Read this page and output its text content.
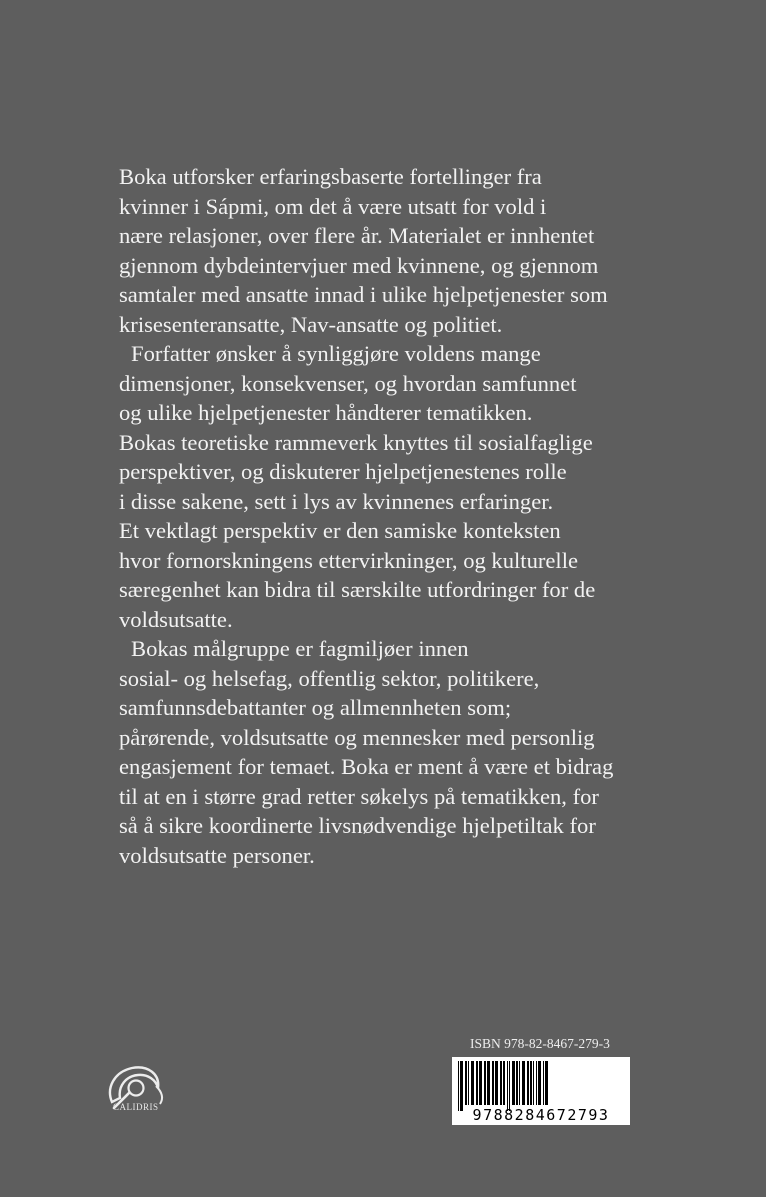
Boka utforsker erfaringsbaserte fortellinger fra
kvinner i Sápmi, om det å være utsatt for vold i
nære relasjoner, over flere år. Materialet er innhentet
gjennom dybdeintervjuer med kvinnene, og gjennom
samtaler med ansatte innad i ulike hjelpetjenester som
krisesenteransatte, Nav-ansatte og politiet.
Forfatter ønsker å synliggjøre voldens mange
dimensjoner, konsekvenser, og hvordan samfunnet
og ulike hjelpetjenester håndterer tematikken.
Bokas teoretiske rammeverk knyttes til sosialfaglige
perspektiver, og diskuterer hjelpetjenestenes rolle
i disse sakene, sett i lys av kvinnenes erfaringer.
Et vektlagt perspektiv er den samiske konteksten
hvor fornorskningens ettervirkninger, og kulturelle
særegenhet kan bidra til særskilte utfordringer for de
voldsutsatte.
Bokas målgruppe er fagmiljøer innen
sosial- og helsefag, offentlig sektor, politikere,
samfunnsdebattanter og allmennheten som;
pårørende, voldsutsatte og mennesker med personlig
engasjement for temaet. Boka er ment å være et bidrag
til at en i større grad retter søkelys på tematikken, for
så å sikre koordinerte livsnødvendige hjelpetiltak for
voldsutsatte personer.
CALIDRIS
ISBN 978-82-8467-279-3
9788284672793
